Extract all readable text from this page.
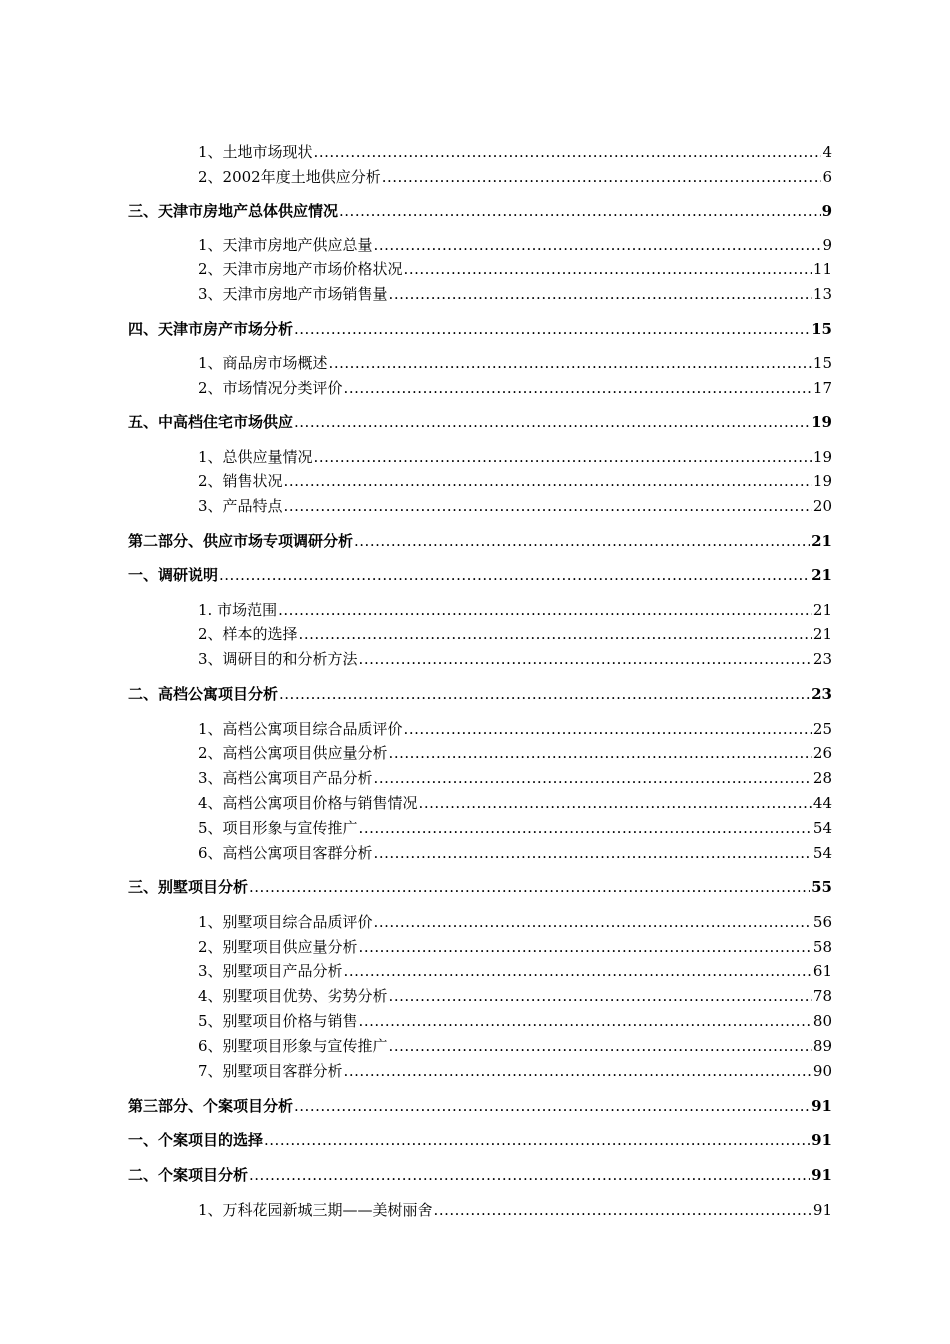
1、土地市场现状 .....	4
2、2002年度土地供应分析 .....	6
三、天津市房地产总体供应情况 .....	9
1、天津市房地产供应总量 .....	9
2、天津市房地产市场价格状况 .....	11
3、天津市房地产市场销售量 .....	13
四、天津市房产市场分析 .....	15
1、商品房市场概述 .....	15
2、市场情况分类评价 .....	17
五、中高档住宅市场供应 .....	19
1、总供应量情况 .....	19
2、销售状况 .....	19
3、产品特点 .....	20
第二部分、供应市场专项调研分析 .....	21
一、调研说明 .....	21
1. 市场范围 .....	21
2、样本的选择 .....	21
3、调研目的和分析方法 .....	23
二、高档公寓项目分析 .....	23
1、高档公寓项目综合品质评价 .....	25
2、高档公寓项目供应量分析 .....	26
3、高档公寓项目产品分析 .....	28
4、高档公寓项目价格与销售情况 .....	44
5、项目形象与宣传推广 .....	54
6、高档公寓项目客群分析 .....	54
三、别墅项目分析 .....	55
1、别墅项目综合品质评价 .....	56
2、别墅项目供应量分析 .....	58
3、别墅项目产品分析 .....	61
4、别墅项目优势、劣势分析 .....	78
5、别墅项目价格与销售 .....	80
6、别墅项目形象与宣传推广 .....	89
7、别墅项目客群分析 .....	90
第三部分、个案项目分析 .....	91
一、个案项目的选择 .....	91
二、个案项目分析 .....	91
1、万科花园新城三期——美树丽舍 .....	91
